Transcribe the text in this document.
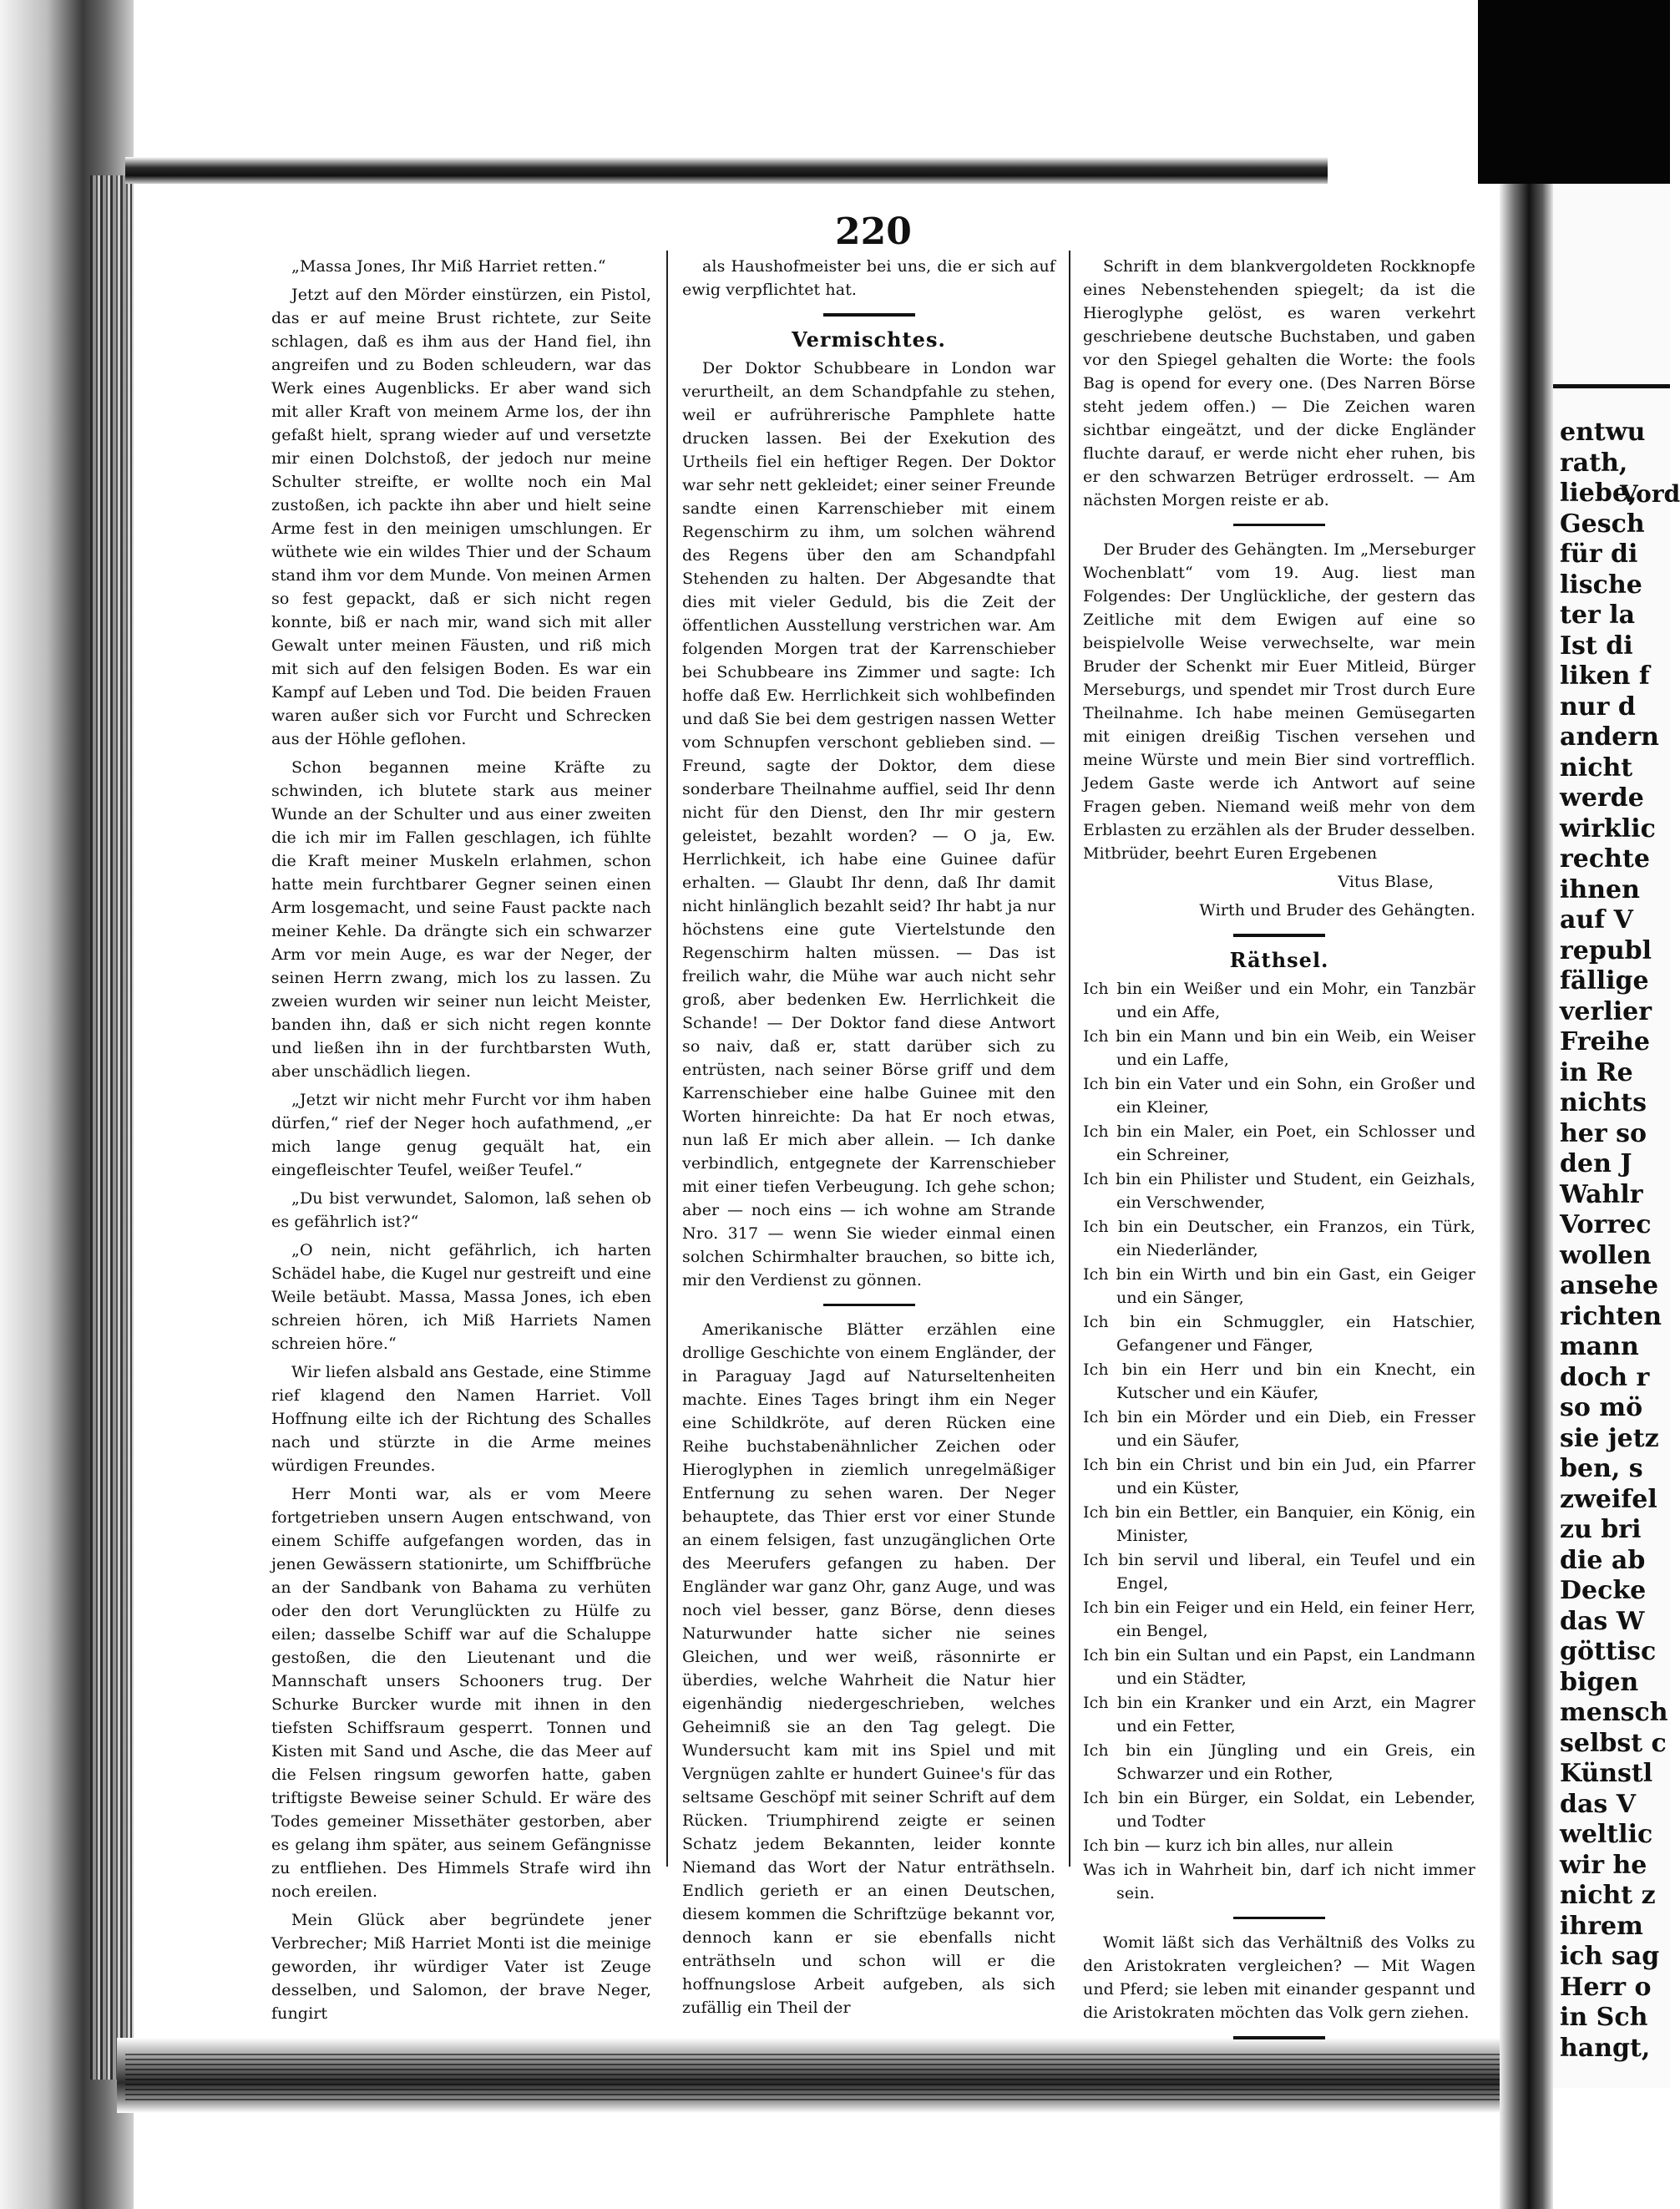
entwu
rath,
liebe,
Gesch
für di
lische
ter la
Ist di
liken f
nur d
andern
nicht
werde
wirklic
rechte
ihnen
auf V
republ
fällige
verlier
Freihe
in Re
nichts
her so
den J
Wahlr
Vorrec
wollen
ansehe
richten
mann
doch r
so mö
sie jetz
ben, s
zweifel
zu bri
die ab
Decke
das W
göttisc
bigen
mensch
selbst c
Künstl
das V
weltlic
wir he
nicht z
ihrem
ich sag
Herr o
in Sch
hangt,
Vord
220

„Massa Jones, Ihr Miß Harriet retten.“

Jetzt auf den Mörder einstürzen, ein Pistol, das er auf meine Brust richtete, zur Seite schlagen, daß es ihm aus der Hand fiel, ihn angreifen und zu Boden schleudern, war das Werk eines Augenblicks. Er aber wand sich mit aller Kraft von meinem Arme los, der ihn gefaßt hielt, sprang wieder auf und versetzte mir einen Dolchstoß, der jedoch nur meine Schulter streifte, er wollte noch ein Mal zustoßen, ich packte ihn aber und hielt seine Arme fest in den meinigen umschlungen. Er wüthete wie ein wildes Thier und der Schaum stand ihm vor dem Munde. Von meinen Armen so fest gepackt, daß er sich nicht regen konnte, biß er nach mir, wand sich mit aller Gewalt unter meinen Fäusten, und riß mich mit sich auf den felsigen Boden. Es war ein Kampf auf Leben und Tod. Die beiden Frauen waren außer sich vor Furcht und Schrecken aus der Höhle geflohen.

Schon begannen meine Kräfte zu schwinden, ich blutete stark aus meiner Wunde an der Schulter und aus einer zweiten die ich mir im Fallen geschlagen, ich fühlte die Kraft meiner Muskeln erlahmen, schon hatte mein furchtbarer Gegner seinen einen Arm losgemacht, und seine Faust packte nach meiner Kehle. Da drängte sich ein schwarzer Arm vor mein Auge, es war der Neger, der seinen Herrn zwang, mich los zu lassen. Zu zweien wurden wir seiner nun leicht Meister, banden ihn, daß er sich nicht regen konnte und ließen ihn in der furchtbarsten Wuth, aber unschädlich liegen.

„Jetzt wir nicht mehr Furcht vor ihm haben dürfen,“ rief der Neger hoch aufathmend, „er mich lange genug gequält hat, ein eingefleischter Teufel, weißer Teufel.“

„Du bist verwundet, Salomon, laß sehen ob es gefährlich ist?“

„O nein, nicht gefährlich, ich harten Schädel habe, die Kugel nur gestreift und eine Weile betäubt. Massa, Massa Jones, ich eben schreien hören, ich Miß Harriets Namen schreien höre.“

Wir liefen alsbald ans Gestade, eine Stimme rief klagend den Namen Harriet. Voll Hoffnung eilte ich der Richtung des Schalles nach und stürzte in die Arme meines würdigen Freundes.

Herr Monti war, als er vom Meere fortgetrieben unsern Augen entschwand, von einem Schiffe aufgefangen worden, das in jenen Gewässern stationirte, um Schiffbrüche an der Sandbank von Bahama zu verhüten oder den dort Verunglückten zu Hülfe zu eilen; dasselbe Schiff war auf die Schaluppe gestoßen, die den Lieutenant und die Mannschaft unsers Schooners trug. Der Schurke Burcker wurde mit ihnen in den tiefsten Schiffsraum gesperrt. Tonnen und Kisten mit Sand und Asche, die das Meer auf die Felsen ringsum geworfen hatte, gaben triftigste Beweise seiner Schuld. Er wäre des Todes gemeiner Missethäter gestorben, aber es gelang ihm später, aus seinem Gefängnisse zu entfliehen. Des Himmels Strafe wird ihn noch ereilen.

Mein Glück aber begründete jener Verbrecher; Miß Harriet Monti ist die meinige geworden, ihr würdiger Vater ist Zeuge desselben, und Salomon, der brave Neger, fungirt

als Haushofmeister bei uns, die er sich auf ewig verpflichtet hat.

Vermischtes.

Der Doktor Schubbeare in London war verurtheilt, an dem Schandpfahle zu stehen, weil er aufrührerische Pamphlete hatte drucken lassen. Bei der Exekution des Urtheils fiel ein heftiger Regen. Der Doktor war sehr nett gekleidet; einer seiner Freunde sandte einen Karrenschieber mit einem Regenschirm zu ihm, um solchen während des Regens über den am Schandpfahl Stehenden zu halten. Der Abgesandte that dies mit vieler Geduld, bis die Zeit der öffentlichen Ausstellung verstrichen war. Am folgenden Morgen trat der Karrenschieber bei Schubbeare ins Zimmer und sagte: Ich hoffe daß Ew. Herrlichkeit sich wohlbefinden und daß Sie bei dem gestrigen nassen Wetter vom Schnupfen verschont geblieben sind. — Freund, sagte der Doktor, dem diese sonderbare Theilnahme auffiel, seid Ihr denn nicht für den Dienst, den Ihr mir gestern geleistet, bezahlt worden? — O ja, Ew. Herrlichkeit, ich habe eine Guinee dafür erhalten. — Glaubt Ihr denn, daß Ihr damit nicht hinlänglich bezahlt seid? Ihr habt ja nur höchstens eine gute Viertelstunde den Regenschirm halten müssen. — Das ist freilich wahr, die Mühe war auch nicht sehr groß, aber bedenken Ew. Herrlichkeit die Schande! — Der Doktor fand diese Antwort so naiv, daß er, statt darüber sich zu entrüsten, nach seiner Börse griff und dem Karrenschieber eine halbe Guinee mit den Worten hinreichte: Da hat Er noch etwas, nun laß Er mich aber allein. — Ich danke verbindlich, entgegnete der Karrenschieber mit einer tiefen Verbeugung. Ich gehe schon; aber — noch eins — ich wohne am Strande Nro. 317 — wenn Sie wieder einmal einen solchen Schirmhalter brauchen, so bitte ich, mir den Verdienst zu gönnen.

Amerikanische Blätter erzählen eine drollige Geschichte von einem Engländer, der in Paraguay Jagd auf Naturseltenheiten machte. Eines Tages bringt ihm ein Neger eine Schildkröte, auf deren Rücken eine Reihe buchstabenähnlicher Zeichen oder Hieroglyphen in ziemlich unregelmäßiger Entfernung zu sehen waren. Der Neger behauptete, das Thier erst vor einer Stunde an einem felsigen, fast unzugänglichen Orte des Meerufers gefangen zu haben. Der Engländer war ganz Ohr, ganz Auge, und was noch viel besser, ganz Börse, denn dieses Naturwunder hatte sicher nie seines Gleichen, und wer weiß, räsonnirte er überdies, welche Wahrheit die Natur hier eigenhändig niedergeschrieben, welches Geheimniß sie an den Tag gelegt. Die Wundersucht kam mit ins Spiel und mit Vergnügen zahlte er hundert Guinee's für das seltsame Geschöpf mit seiner Schrift auf dem Rücken. Triumphirend zeigte er seinen Schatz jedem Bekannten, leider konnte Niemand das Wort der Natur enträthseln. Endlich gerieth er an einen Deutschen, diesem kommen die Schriftzüge bekannt vor, dennoch kann er sie ebenfalls nicht enträthseln und schon will er die hoffnungslose Arbeit aufgeben, als sich zufällig ein Theil der

Schrift in dem blankvergoldeten Rockknopfe eines Nebenstehenden spiegelt; da ist die Hieroglyphe gelöst, es waren verkehrt geschriebene deutsche Buchstaben, und gaben vor den Spiegel gehalten die Worte: the fools Bag is opend for every one. (Des Narren Börse steht jedem offen.) — Die Zeichen waren sichtbar eingeätzt, und der dicke Engländer fluchte darauf, er werde nicht eher ruhen, bis er den schwarzen Betrüger erdrosselt. — Am nächsten Morgen reiste er ab.

Der Bruder des Gehängten. Im „Merseburger Wochenblatt“ vom 19. Aug. liest man Folgendes: Der Unglückliche, der gestern das Zeitliche mit dem Ewigen auf eine so beispielvolle Weise verwechselte, war mein Bruder der Schenkt mir Euer Mitleid, Bürger Merseburgs, und spendet mir Trost durch Eure Theilnahme. Ich habe meinen Gemüsegarten mit einigen dreißig Tischen versehen und meine Würste und mein Bier sind vortrefflich. Jedem Gaste werde ich Antwort auf seine Fragen geben. Niemand weiß mehr von dem Erblasten zu erzählen als der Bruder desselben. Mitbrüder, beehrt Euren Ergebenen

Vitus Blase,

Wirth und Bruder des Gehängten.

Räthsel.

Ich bin ein Weißer und ein Mohr, ein Tanzbär und ein Affe,
Ich bin ein Mann und bin ein Weib, ein Weiser und ein Laffe,
Ich bin ein Vater und ein Sohn, ein Großer und ein Kleiner,
Ich bin ein Maler, ein Poet, ein Schlosser und ein Schreiner,
Ich bin ein Philister und Student, ein Geizhals, ein Verschwender,
Ich bin ein Deutscher, ein Franzos, ein Türk, ein Niederländer,
Ich bin ein Wirth und bin ein Gast, ein Geiger und ein Sänger,
Ich bin ein Schmuggler, ein Hatschier, Gefangener und Fänger,
Ich bin ein Herr und bin ein Knecht, ein Kutscher und ein Käufer,
Ich bin ein Mörder und ein Dieb, ein Fresser und ein Säufer,
Ich bin ein Christ und bin ein Jud, ein Pfarrer und ein Küster,
Ich bin ein Bettler, ein Banquier, ein König, ein Minister,
Ich bin servil und liberal, ein Teufel und ein Engel,
Ich bin ein Feiger und ein Held, ein feiner Herr, ein Bengel,
Ich bin ein Sultan und ein Papst, ein Landmann und ein Städter,
Ich bin ein Kranker und ein Arzt, ein Magrer und ein Fetter,
Ich bin ein Jüngling und ein Greis, ein Schwarzer und ein Rother,
Ich bin ein Bürger, ein Soldat, ein Lebender, und Todter
Ich bin — kurz ich bin alles, nur allein
Was ich in Wahrheit bin, darf ich nicht immer sein.

Womit läßt sich das Verhältniß des Volks zu den Aristokraten vergleichen? — Mit Wagen und Pferd; sie leben mit einander gespannt und die Aristokraten möchten das Volk gern ziehen.
